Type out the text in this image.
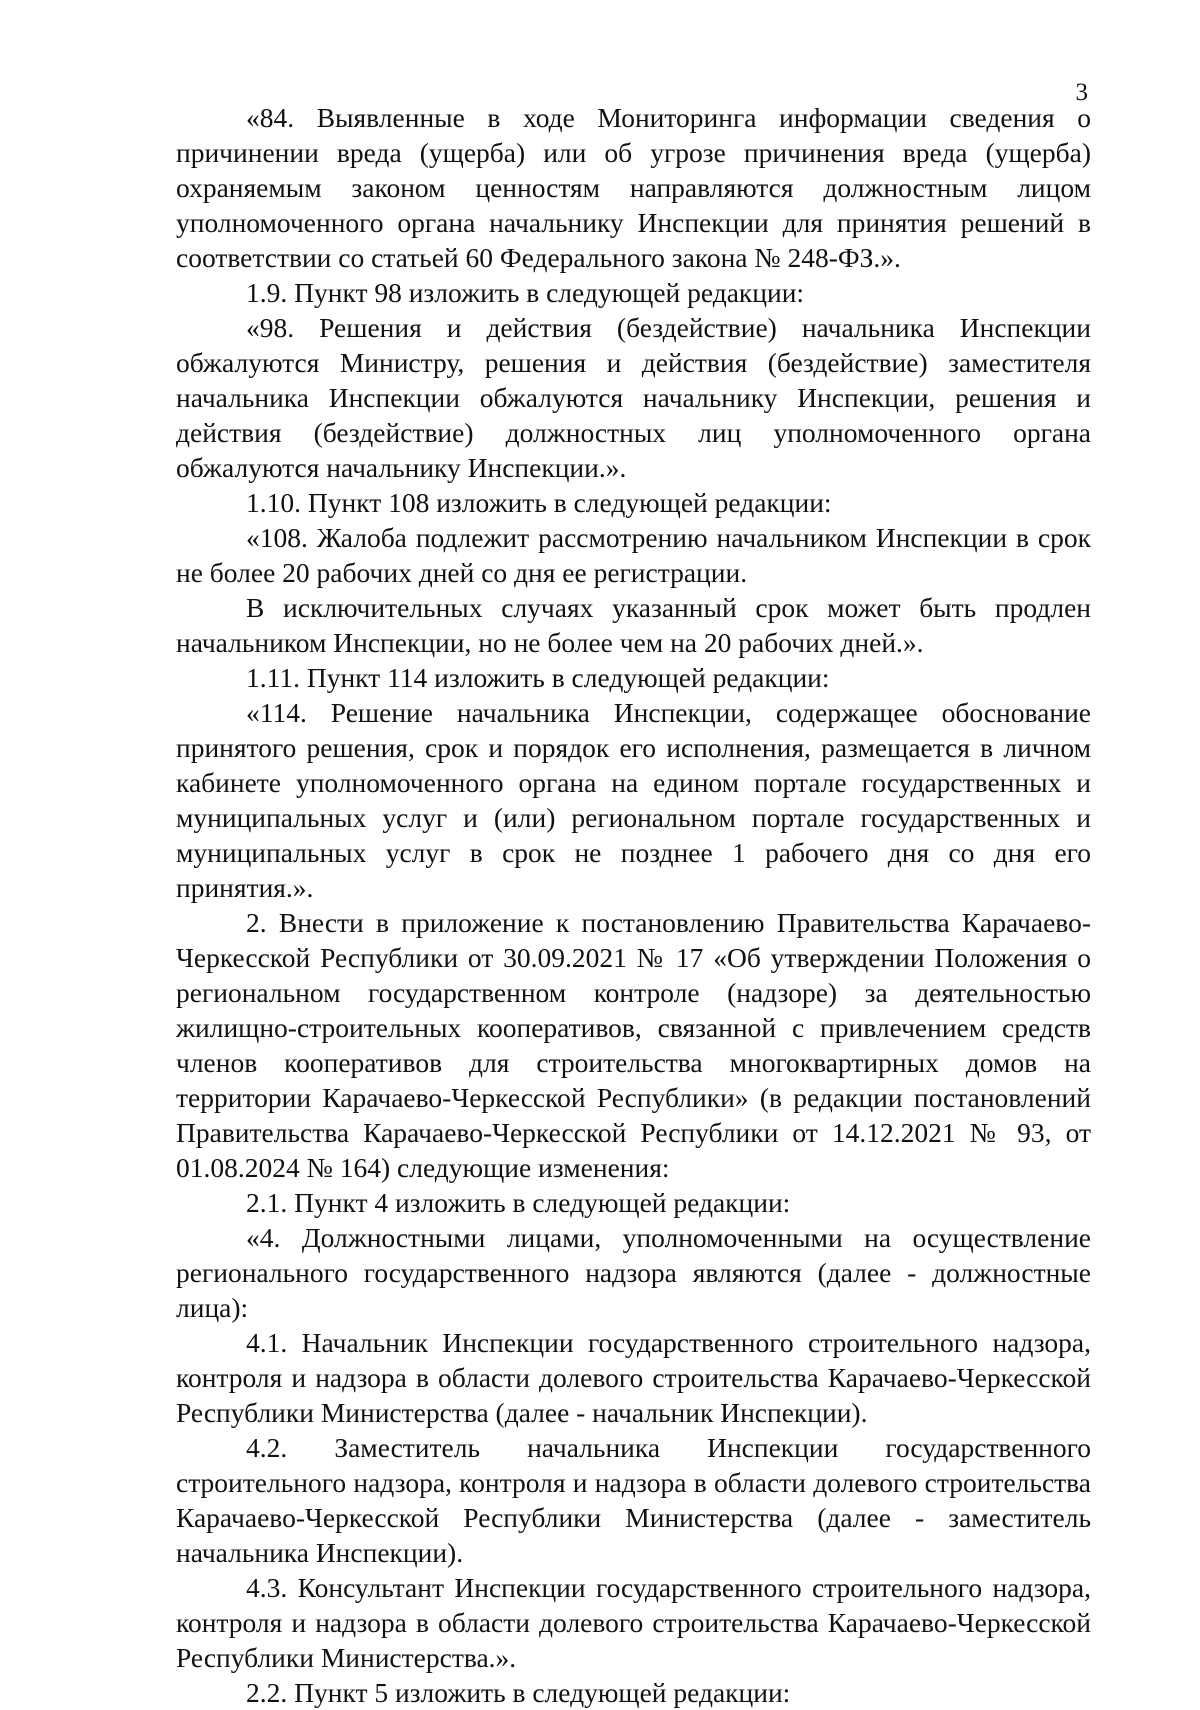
3

«84. Выявленные в ходе Мониторинга информации сведения о причинении вреда (ущерба) или об угрозе причинения вреда (ущерба) охраняемым законом ценностям направляются должностным лицом уполномоченного органа начальнику Инспекции для принятия решений в соответствии со статьей 60 Федерального закона № 248-ФЗ.».

1.9. Пункт 98 изложить в следующей редакции:

«98. Решения и действия (бездействие) начальника Инспекции обжалуются Министру, решения и действия (бездействие) заместителя начальника Инспекции обжалуются начальнику Инспекции, решения и действия (бездействие) должностных лиц уполномоченного органа обжалуются начальнику Инспекции.».

1.10. Пункт 108 изложить в следующей редакции:

«108. Жалоба подлежит рассмотрению начальником Инспекции в срок не более 20 рабочих дней со дня ее регистрации.

В исключительных случаях указанный срок может быть продлен начальником Инспекции, но не более чем на 20 рабочих дней.».

1.11. Пункт 114 изложить в следующей редакции:

«114. Решение начальника Инспекции, содержащее обоснование принятого решения, срок и порядок его исполнения, размещается в личном кабинете уполномоченного органа на едином портале государственных и муниципальных услуг и (или) региональном портале государственных и муниципальных услуг в срок не позднее 1 рабочего дня со дня его принятия.».

2. Внести в приложение к постановлению Правительства Карачаево-Черкесской Республики от 30.09.2021 № 17 «Об утверждении Положения о региональном государственном контроле (надзоре) за деятельностью жилищно-строительных кооперативов, связанной с привлечением средств членов кооперативов для строительства многоквартирных домов на территории Карачаево-Черкесской Республики» (в редакции постановлений Правительства Карачаево-Черкесской Республики от 14.12.2021 № 93, от 01.08.2024 № 164) следующие изменения:

2.1. Пункт 4 изложить в следующей редакции:

«4. Должностными лицами, уполномоченными на осуществление регионального государственного надзора являются (далее - должностные лица):

4.1. Начальник Инспекции государственного строительного надзора, контроля и надзора в области долевого строительства Карачаево-Черкесской Республики Министерства (далее - начальник Инспекции).

4.2. Заместитель начальника Инспекции государственного строительного надзора, контроля и надзора в области долевого строительства Карачаево-Черкесской Республики Министерства (далее - заместитель начальника Инспекции).

4.3. Консультант Инспекции государственного строительного надзора, контроля и надзора в области долевого строительства Карачаево-Черкесской Республики Министерства.».

2.2. Пункт 5 изложить в следующей редакции:
